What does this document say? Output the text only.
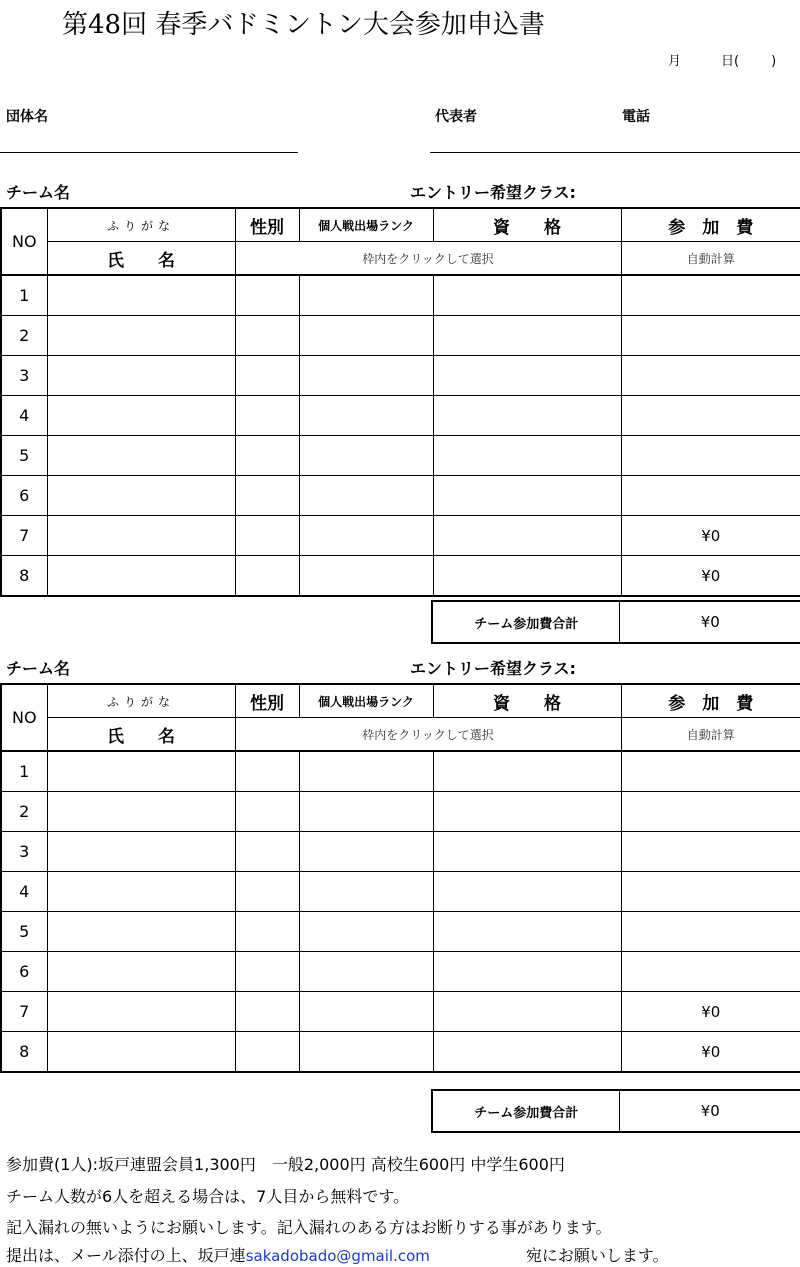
第48回 春季バドミントン大会参加申込書
月	日( )
団体名	代表者	電話
チーム名	エントリー希望クラス:
NO	ふりがな	性別	個人戦出場ランク	資　　格	参　加　費
	氏　　名	枠内をクリックして選択			自動計算
1					
2					
3					
4					
5					
6					
7					¥0
8					¥0
チーム参加費合計	¥0
チーム名	エントリー希望クラス:
NO	ふりがな	性別	個人戦出場ランク	資　　格	参　加　費
	氏　　名	枠内をクリックして選択			自動計算
1					
2					
3					
4					
5					
6					
7					¥0
8					¥0
チーム参加費合計	¥0
参加費(1人):坂戸連盟会員1,300円　一般2,000円 高校生600円 中学生600円
チーム人数が6人を超える場合は、7人目から無料です。
記入漏れの無いようにお願いします。記入漏れのある方はお断りする事があります。
提出は、メール添付の上、坂戸連sakadobado@gmail.com	宛にお願いします。
